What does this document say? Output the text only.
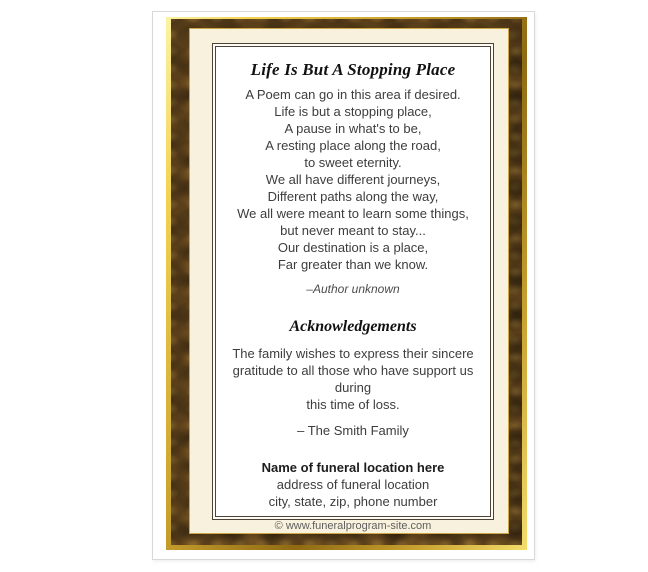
Life Is But A Stopping Place
A Poem can go in this area if desired.
Life is but a stopping place,
A pause in what's to be,
A resting place along the road,
to sweet eternity.
We all have different journeys,
Different paths along the way,
We all were meant to learn some things,
but never meant to stay...
Our destination is a place,
Far greater than we know.
–Author unknown
Acknowledgements
The family wishes to express their sincere
gratitude to all those who have support us during
this time of loss.
– The Smith Family
Name of funeral location here
address of funeral location
city, state, zip, phone number
© www.funeralprogram-site.com
